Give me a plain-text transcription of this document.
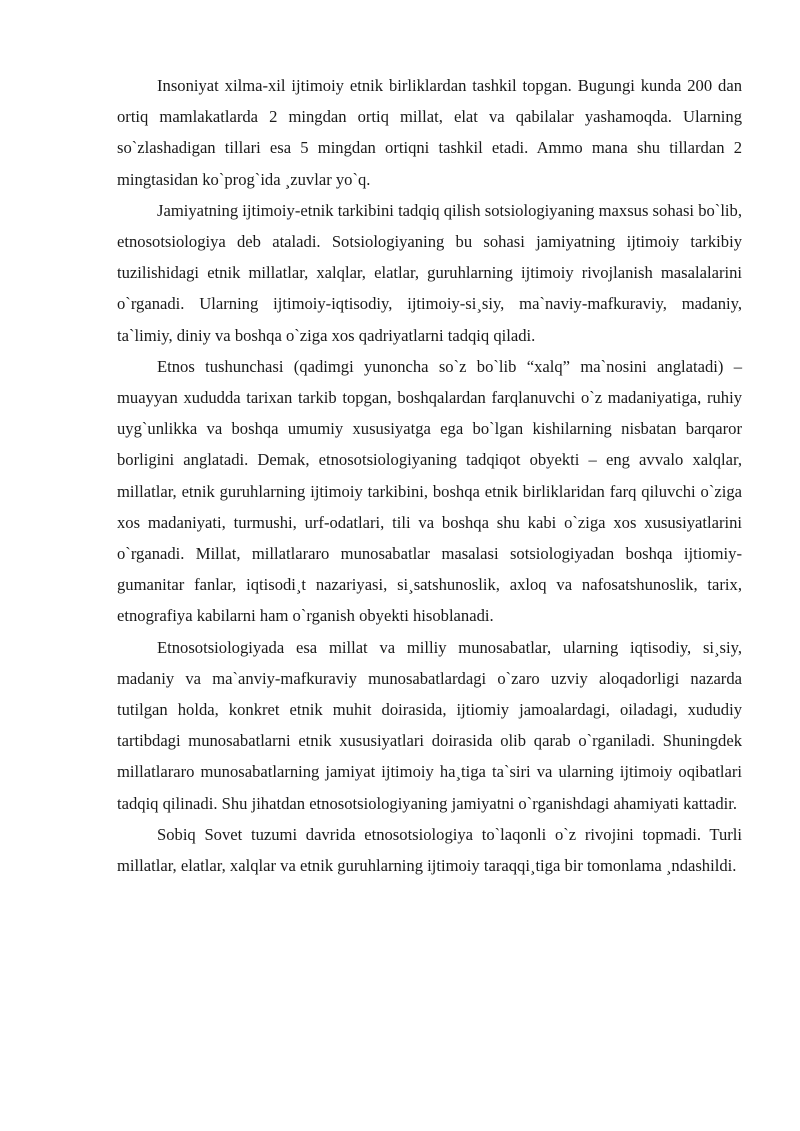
Insoniyat xilma-xil ijtimoiy etnik birliklardan tashkil topgan. Bugungi kunda 200 dan ortiq mamlakatlarda 2 mingdan ortiq millat, elat va qabilalar yashamoqda. Ularning so`zlashadigan tillari esa 5 mingdan ortiqni tashkil etadi. Ammo mana shu tillardan 2 mingtasidan ko`prog`ida ¸zuvlar yo`q.

Jamiyatning ijtimoiy-etnik tarkibini tadqiq qilish sotsiologiyaning maxsus sohasi bo`lib, etnosotsiologiya deb ataladi. Sotsiologiyaning bu sohasi jamiyatning ijtimoiy tarkibiy tuzilishidagi etnik millatlar, xalqlar, elatlar, guruhlarning ijtimoiy rivojlanish masalalarini o`rganadi. Ularning ijtimoiy-iqtisodiy, ijtimoiy-si¸siy, ma`naviy-mafkuraviy, madaniy, ta`limiy, diniy va boshqa o`ziga xos qadriyatlarni tadqiq qiladi.

Etnos tushunchasi (qadimgi yunoncha so`z bo`lib “xalq” ma`nosini anglatadi) – muayyan xududda tarixan tarkib topgan, boshqalardan farqlanuvchi o`z madaniyatiga, ruhiy uyg`unlikka va boshqa umumiy xususiyatga ega bo`lgan kishilarning nisbatan barqaror borligini anglatadi. Demak, etnosotsiologiyaning tadqiqot obyekti – eng avvalo xalqlar, millatlar, etnik guruhlarning ijtimoiy tarkibini, boshqa etnik birliklaridan farq qiluvchi o`ziga xos madaniyati, turmushi, urf-odatlari, tili va boshqa shu kabi o`ziga xos xususiyatlarini o`rganadi. Millat, millatlararo munosabatlar masalasi sotsiologiyadan boshqa ijtiomiy-gumanitar fanlar, iqtisodi¸t nazariyasi, si¸satshunoslik, axloq va nafosatshunoslik, tarix, etnografiya kabilarni ham o`rganish obyekti hisoblanadi.

Etnosotsiologiyada esa millat va milliy munosabatlar, ularning iqtisodiy, si¸siy, madaniy va ma`anviy-mafkuraviy munosabatlardagi o`zaro uzviy aloqadorligi nazarda tutilgan holda, konkret etnik muhit doirasida, ijtiomiy jamoalardagi, oiladagi, xududiy tartibdagi munosabatlarni etnik xususiyatlari doirasida olib qarab o`rganiladi. Shuningdek millatlararo munosabatlarning jamiyat ijtimoiy ha¸tiga ta`siri va ularning ijtimoiy oqibatlari tadqiq qilinadi. Shu jihatdan etnosotsiologiyaning jamiyatni o`rganishdagi ahamiyati kattadir.

Sobiq Sovet tuzumi davrida etnosotsiologiya to`laqonli o`z rivojini topmadi. Turli millatlar, elatlar, xalqlar va etnik guruhlarning ijtimoiy taraqqi¸tiga bir tomonlama ¸ndashildi.
